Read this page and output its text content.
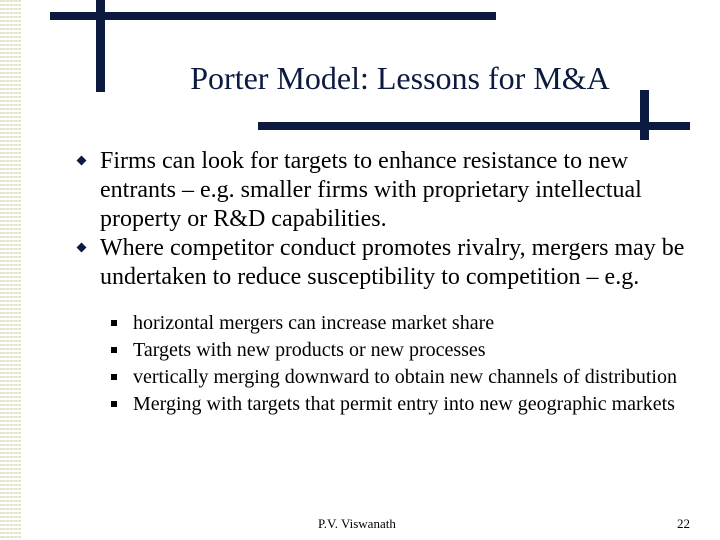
Porter Model: Lessons for M&A

Firms can look for targets to enhance resistance to new entrants – e.g. smaller firms with proprietary intellectual property or R&D capabilities.

Where competitor conduct promotes rivalry, mergers may be undertaken to reduce susceptibility to competition – e.g.

horizontal mergers can increase market share
Targets with new products or new processes
vertically merging downward to obtain new channels of distribution
Merging with targets that permit entry into new geographic markets
P.V. Viswanath	22
